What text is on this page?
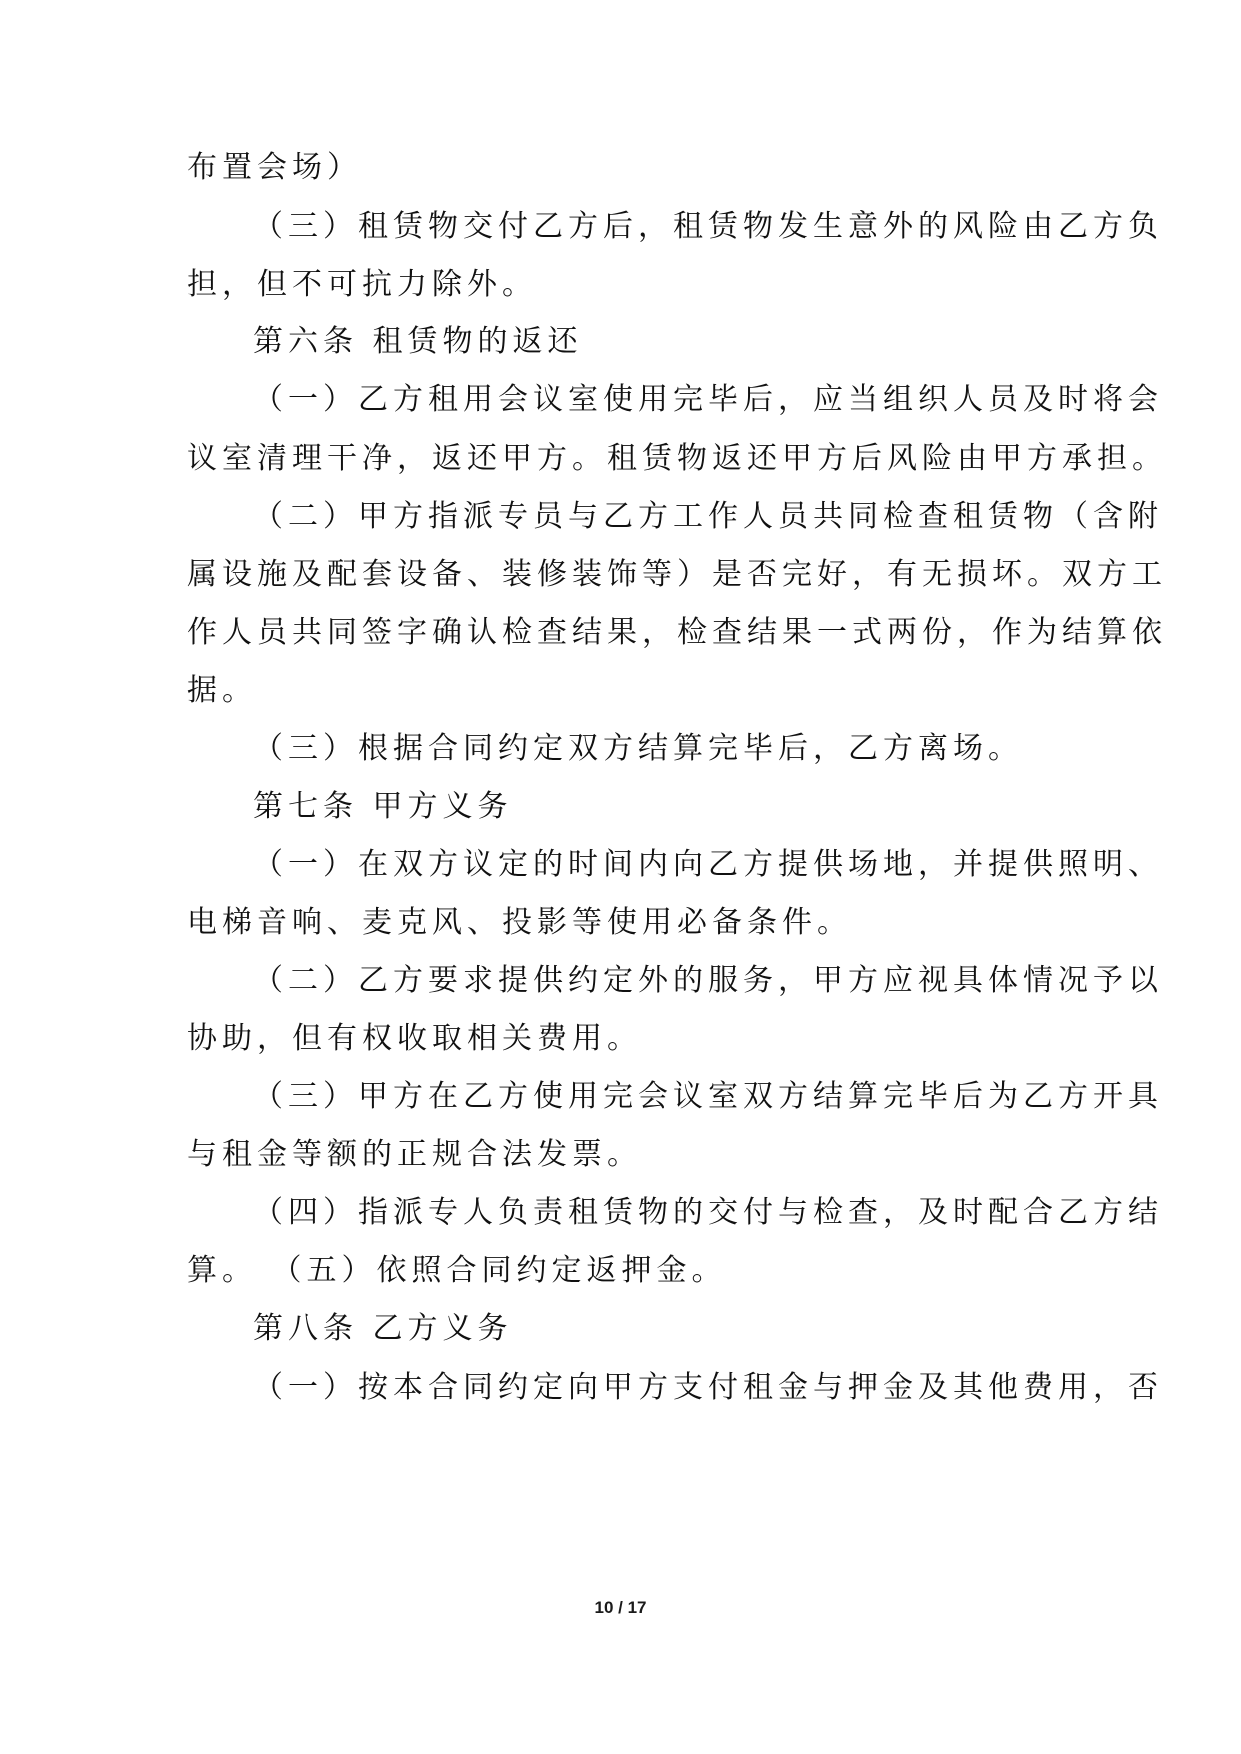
布置会场）
（三）租赁物交付乙方后，租赁物发生意外的风险由乙方负
担，但不可抗力除外。
第六条 租赁物的返还
（一）乙方租用会议室使用完毕后，应当组织人员及时将会
议室清理干净，返还甲方。租赁物返还甲方后风险由甲方承担。
（二）甲方指派专员与乙方工作人员共同检查租赁物（含附
属设施及配套设备、装修装饰等）是否完好，有无损坏。双方工
作人员共同签字确认检查结果，检查结果一式两份，作为结算依
据。
（三）根据合同约定双方结算完毕后，乙方离场。
第七条 甲方义务
（一）在双方议定的时间内向乙方提供场地，并提供照明、
电梯音响、麦克风、投影等使用必备条件。
（二）乙方要求提供约定外的服务，甲方应视具体情况予以
协助，但有权收取相关费用。
（三）甲方在乙方使用完会议室双方结算完毕后为乙方开具
与租金等额的正规合法发票。
（四）指派专人负责租赁物的交付与检查，及时配合乙方结
算。 （五）依照合同约定返押金。
第八条 乙方义务
（一）按本合同约定向甲方支付租金与押金及其他费用，否
10 / 17
